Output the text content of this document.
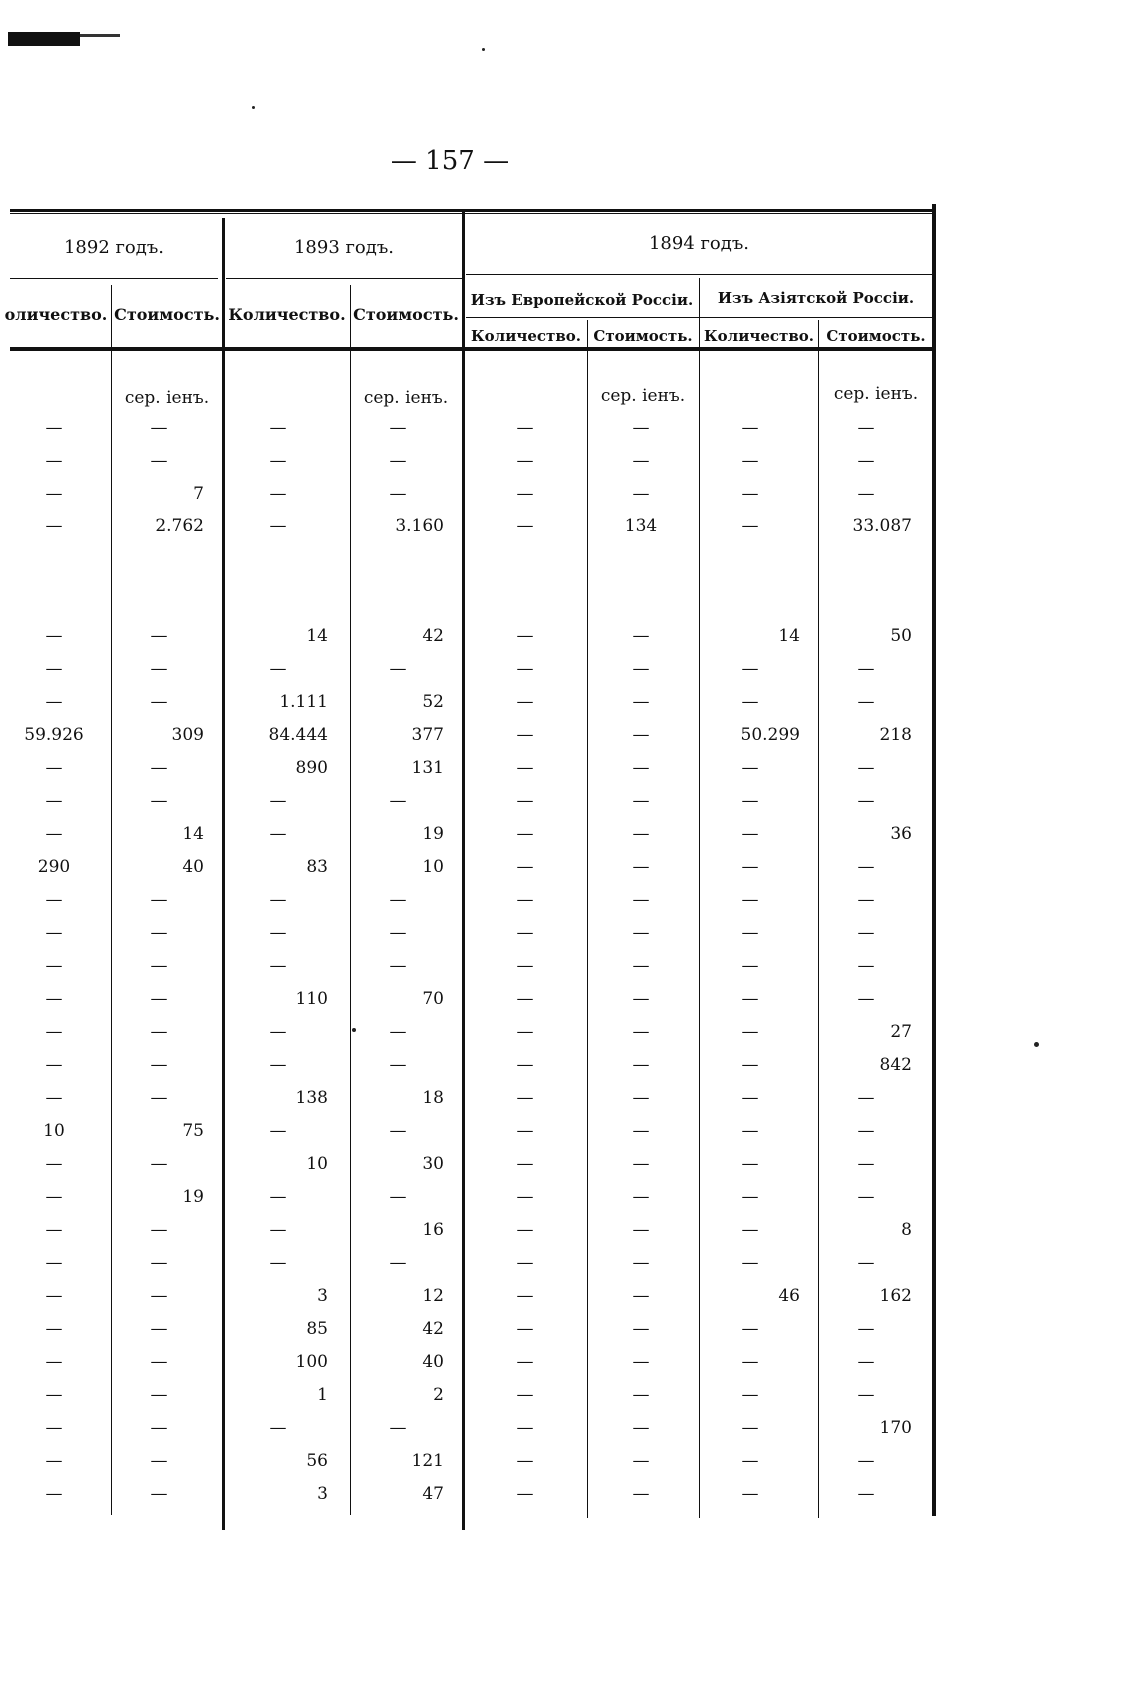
— 157 —
1892 годъ.	1893 годъ.	1894 годъ.
оличество. Стоимость. Количество. Стоимость.
Изъ Европейской Россіи.	Изъ Азіятской Россіи.
Количество. Стоимость. Количество. Стоимость.
сер. іенъ.	сер. іенъ.	сер. іенъ.	сер. іенъ.
—	—	—	—	—	—	—	—
—	—	—	—	—	—	—	—
—	7	—	—	—	—	—	—
—	2.762	—	3.160	—	134	—	33.087
—	—	14	42	—	—	14	50
—	—	—	—	—	—	—	—
—	—	1.111	52	—	—	—	—
59.926	309	84.444	377	—	—	50.299	218
—	—	890	131	—	—	—	—
—	—	—	—	—	—	—	—
—	14	—	19	—	—	—	36
290	40	83	10	—	—	—	—
—	—	—	—	—	—	—	—
—	—	—	—	—	—	—	—
—	—	—	—	—	—	—	—
—	—	110	70	—	—	—	—
—	—	—	—	—	—	—	27
—	—	—	—	—	—	—	842
—	—	138	18	—	—	—	—
10	75	—	—	—	—	—	—
—	—	10	30	—	—	—	—
—	19	—	—	—	—	—	—
—	—	—	16	—	—	—	8
—	—	—	—	—	—	—	—
—	—	3	12	—	—	46	162
—	—	85	42	—	—	—	—
—	—	100	40	—	—	—	—
—	—	1	2	—	—	—	—
—	—	—	—	—	—	—	170
—	—	56	121	—	—	—	—
—	—	3	47	—	—	—	—
